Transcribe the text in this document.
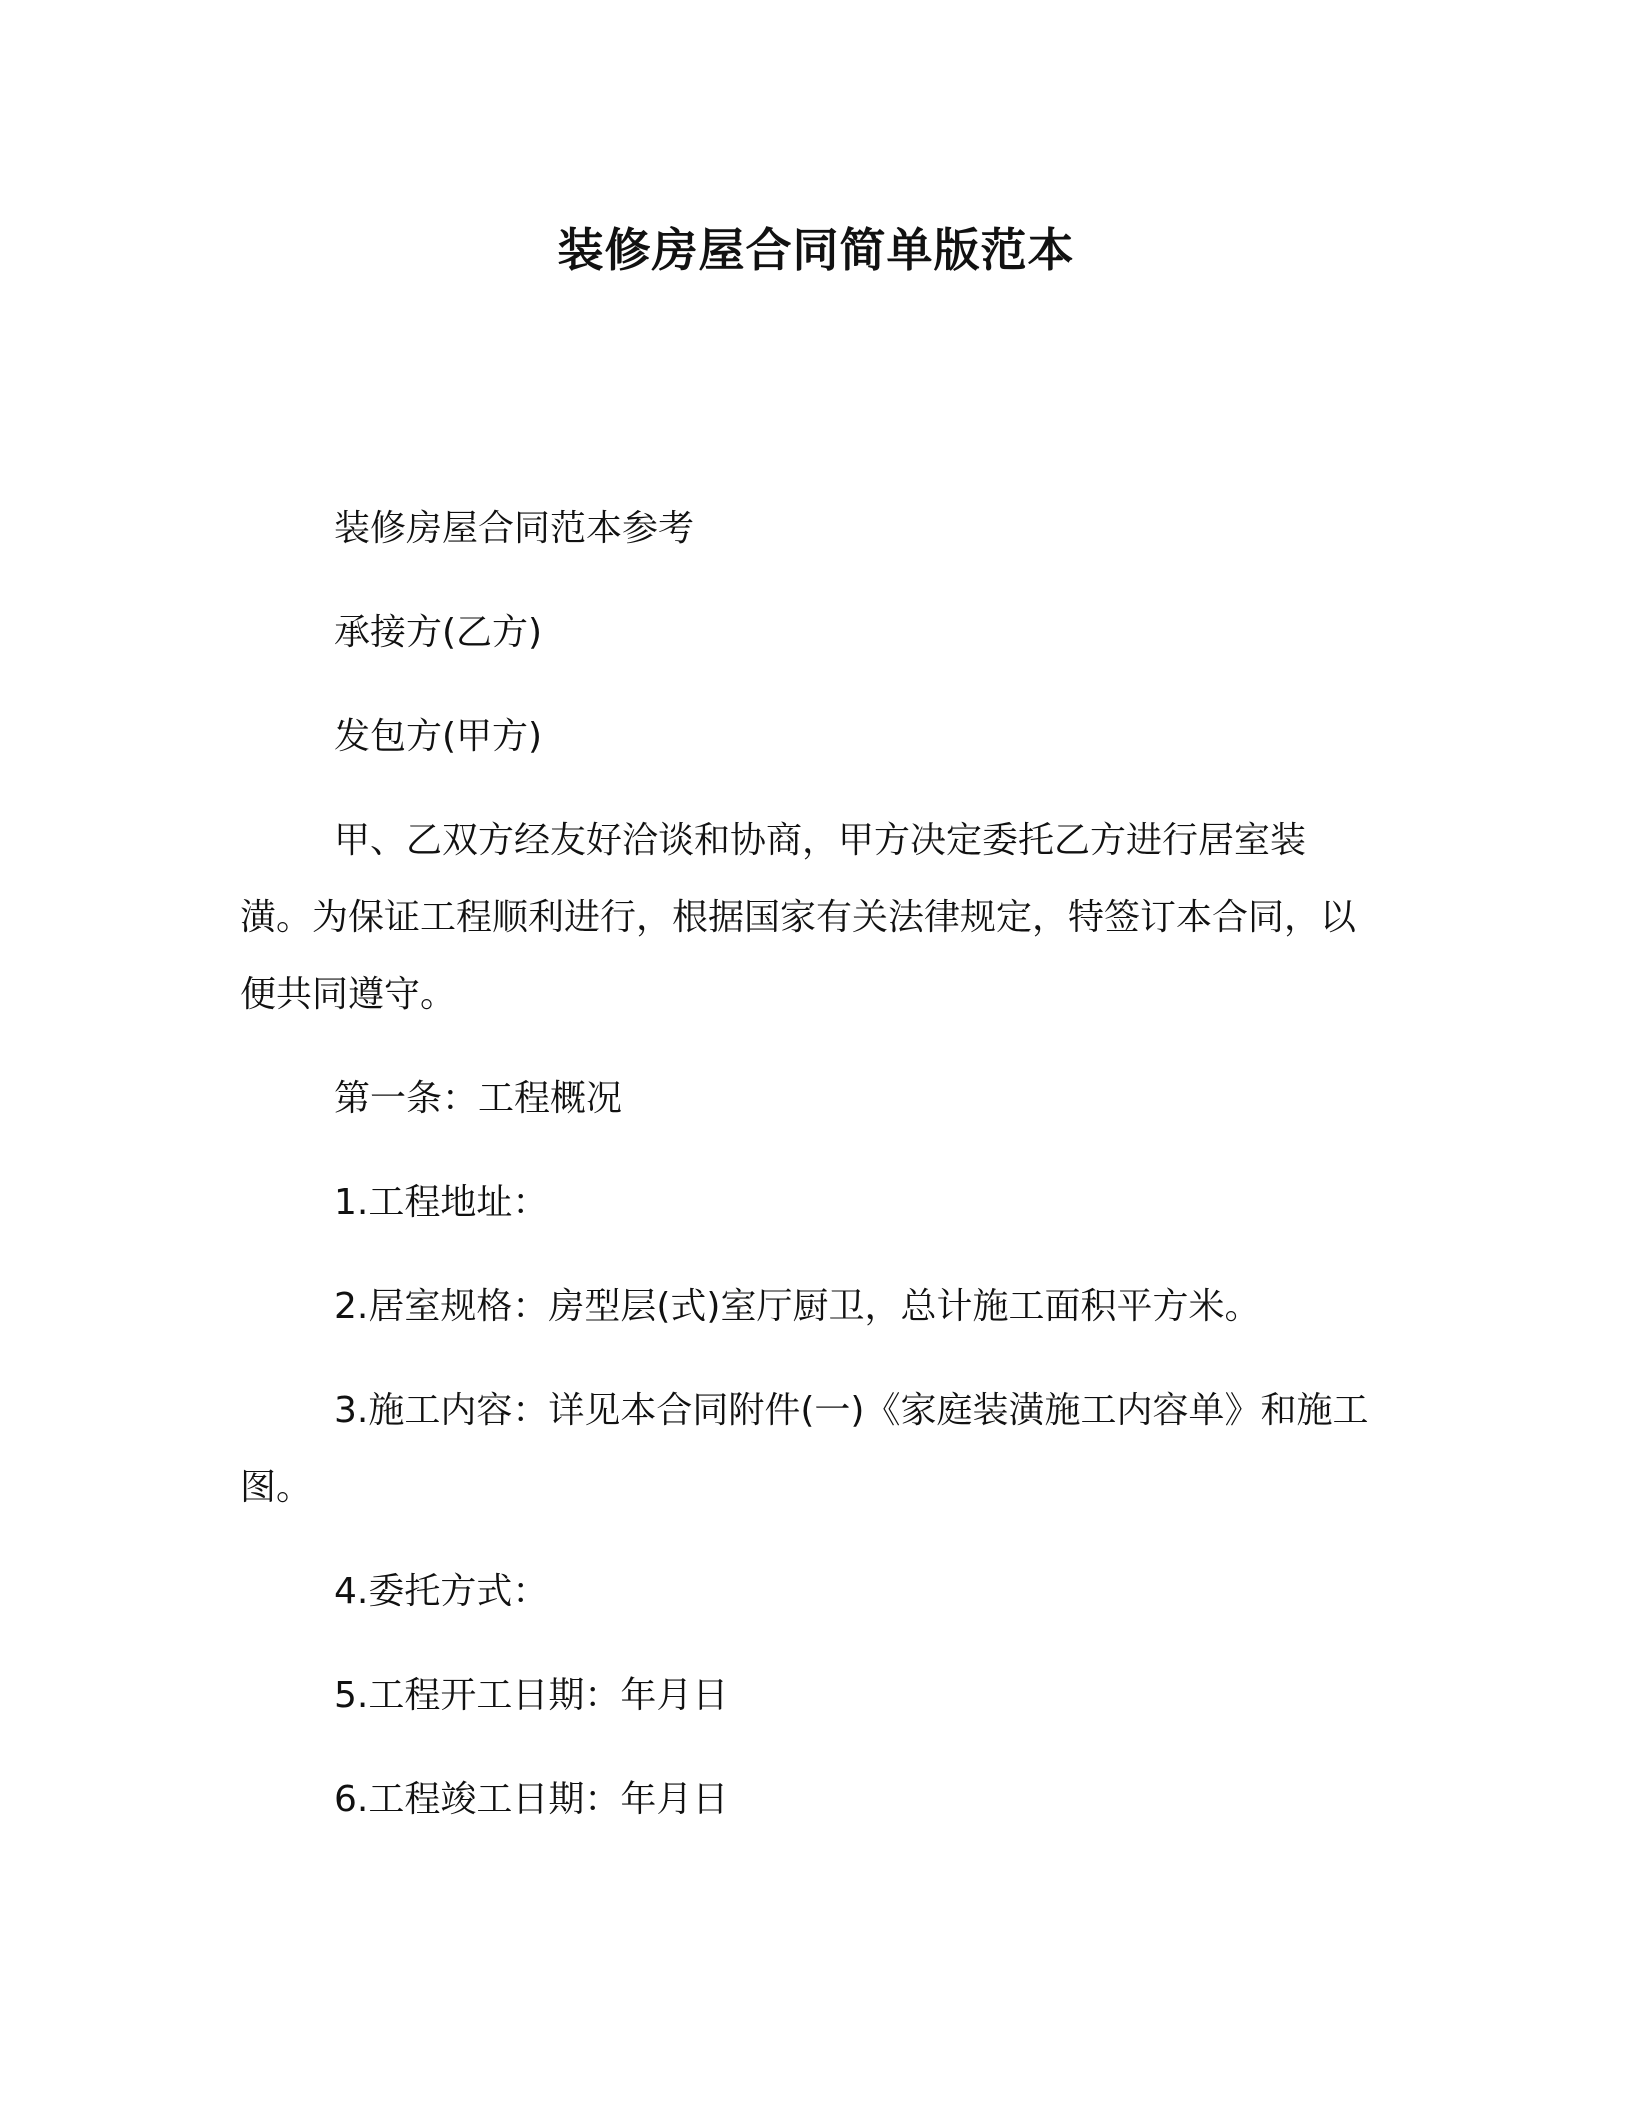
装修房屋合同简单版范本

装修房屋合同范本参考

承接方(乙方)

发包方(甲方)

甲、乙双方经友好洽谈和协商，甲方决定委托乙方进行居室装潢。为保证工程顺利进行，根据国家有关法律规定，特签订本合同，以便共同遵守。

第一条：工程概况

1.工程地址：

2.居室规格：房型层(式)室厅厨卫，总计施工面积平方米。

3.施工内容：详见本合同附件(一)《家庭装潢施工内容单》和施工图。

4.委托方式：

5.工程开工日期：年月日

6.工程竣工日期：年月日
